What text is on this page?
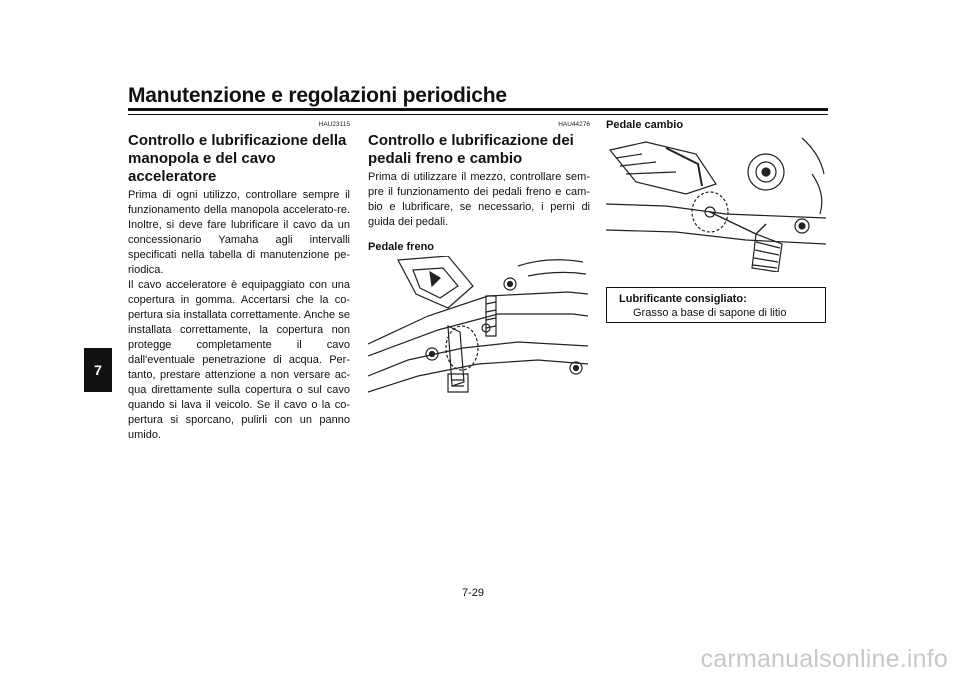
Manutenzione e regolazioni periodiche
7
HAU23115
Controllo e lubrificazione della manopola e del cavo acceleratore

Prima di ogni utilizzo, controllare sempre il funzionamento della manopola accelerato-re. Inoltre, si deve fare lubrificare il cavo da un concessionario Yamaha agli intervalli specificati nella tabella di manutenzione pe-riodica.

Il cavo acceleratore è equipaggiato con una copertura in gomma. Accertarsi che la co-pertura sia installata correttamente. Anche se installata correttamente, la copertura non protegge completamente il cavo dall'eventuale penetrazione di acqua. Per-tanto, prestare attenzione a non versare ac-qua direttamente sulla copertura o sul cavo quando si lava il veicolo. Se il cavo o la co-pertura si sporcano, pulirli con un panno umido.

HAU44276
Controllo e lubrificazione dei pedali freno e cambio

Prima di utilizzare il mezzo, controllare sem-pre il funzionamento dei pedali freno e cam-bio e lubrificare, se necessario, i perni di guida dei pedali.

Pedale freno
Pedale cambio
Lubrificante consigliato:
Grasso a base di sapone di litio
7-29
carmanualsonline.info
